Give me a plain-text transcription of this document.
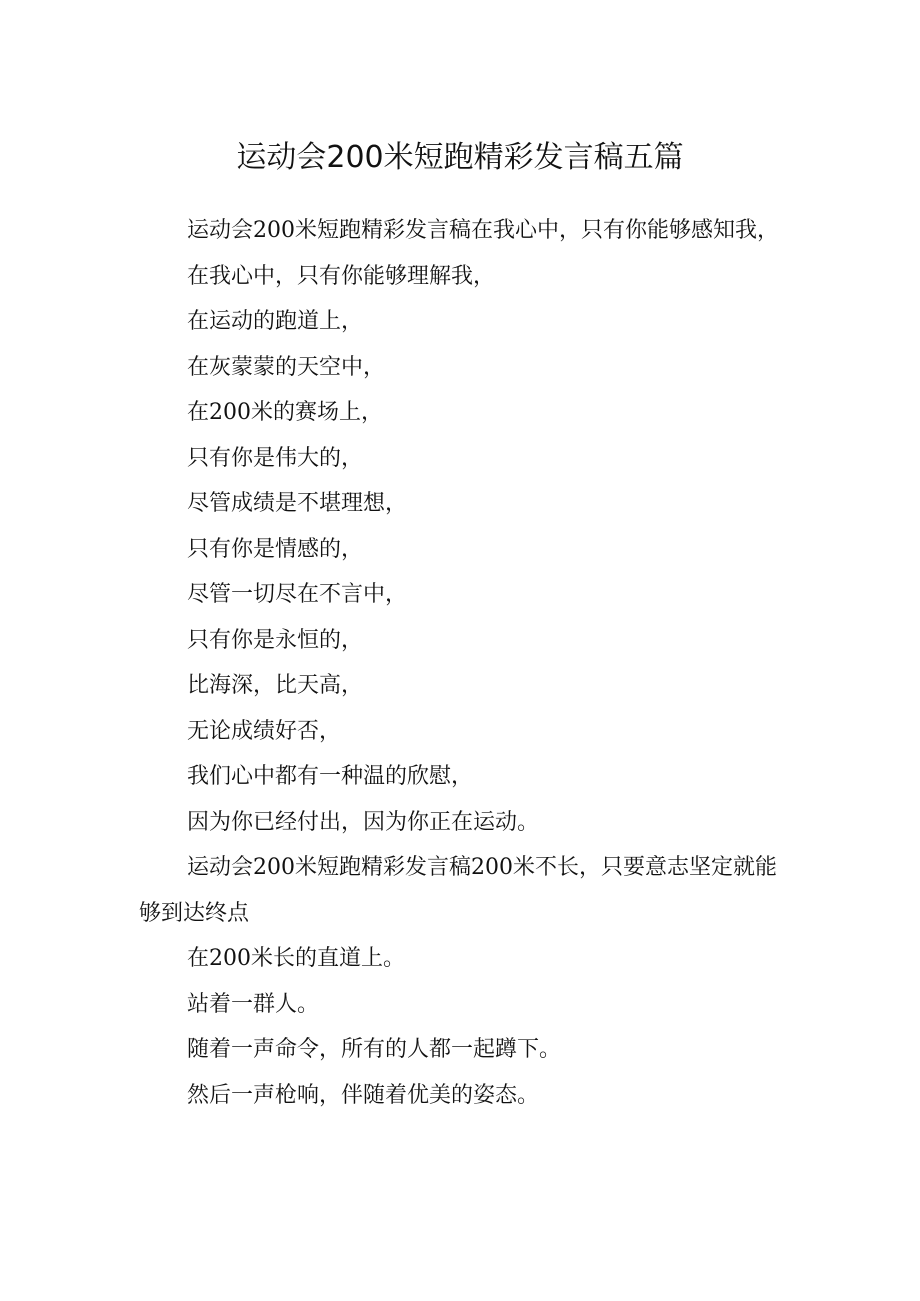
运动会200米短跑精彩发言稿五篇

运动会200米短跑精彩发言稿在我心中，只有你能够感知我，

在我心中，只有你能够理解我，

在运动的跑道上，

在灰蒙蒙的天空中，

在200米的赛场上，

只有你是伟大的，

尽管成绩是不堪理想，

只有你是情感的，

尽管一切尽在不言中，

只有你是永恒的，

比海深，比天高，

无论成绩好否，

我们心中都有一种温的欣慰，

因为你已经付出，因为你正在运动。

运动会200米短跑精彩发言稿200米不长，只要意志坚定就能够到达终点

在200米长的直道上。

站着一群人。

随着一声命令，所有的人都一起蹲下。

然后一声枪响，伴随着优美的姿态。
